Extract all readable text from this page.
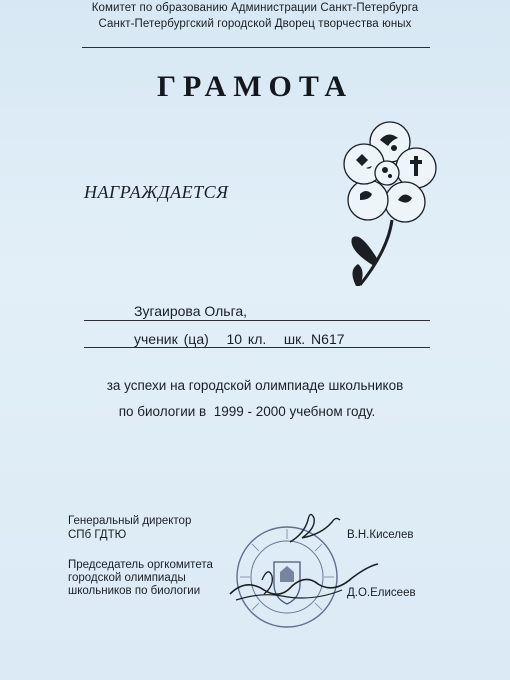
Комитет по образованию Администрации Санкт-Петербурга
Санкт-Петербургский городской Дворец творчества юных
ГРАМОТА
НАГРАЖДАЕТСЯ
Зугаирова Ольга,
ученик (ца)   10 кл.   шк. N617
за успехи на городской олимпиаде школьников
по биологии в  1999 - 2000 учебном году.
Генеральный директор
СПб ГДТЮ	В.Н.Киселев
Председатель оргкомитета
городской олимпиады
школьников по биологии	Д.О.Елисеев
